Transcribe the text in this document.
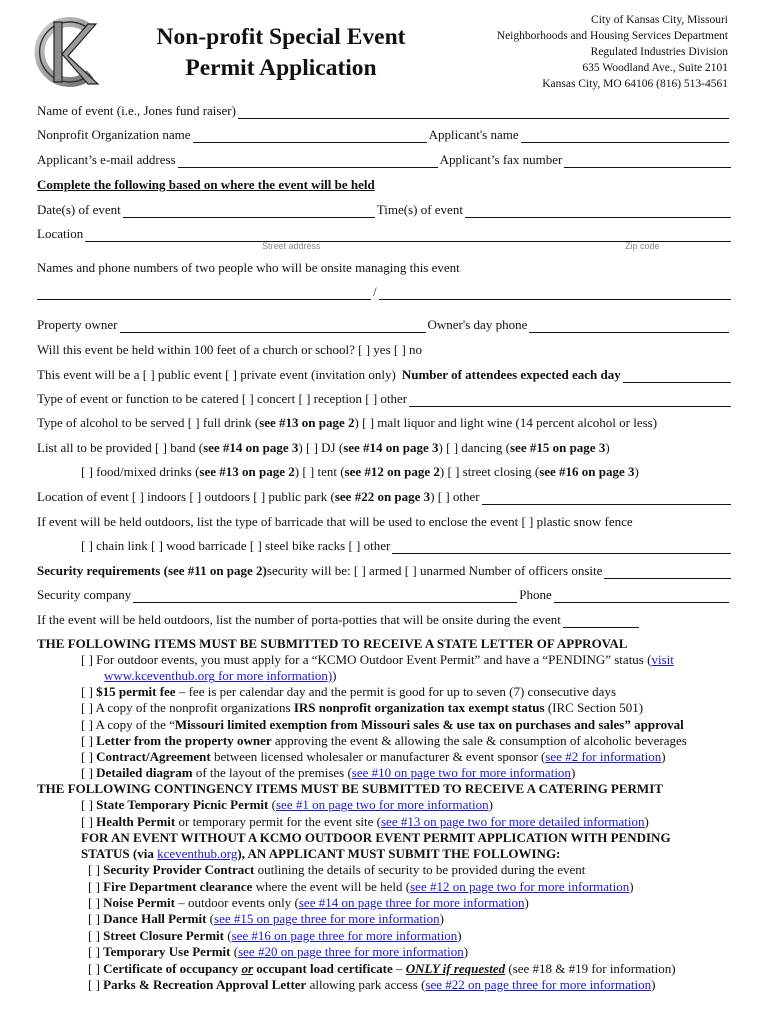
Non-profit Special Event
Permit Application
City of Kansas City, Missouri
Neighborhoods and Housing Services Department
Regulated Industries Division
635 Woodland Ave., Suite 2101
Kansas City, MO 64106 (816) 513-4561
Name of event (i.e., Jones fund raiser)
Nonprofit Organization name	Applicant's name
Applicant’s e-mail address	Applicant’s fax number
Complete the following based on where the event will be held
Date(s) of event	Time(s) of event
Location
Street address	Zip code
Names and phone numbers of two people who will be onsite managing this event
/
Property owner	Owner's day phone
Will this event be held within 100 feet of a church or school? [ ] yes [ ] no
This event will be a [ ] public event [ ] private event (invitation only) Number of attendees expected each day
Type of event or function to be catered [ ] concert [ ] reception [ ] other
Type of alcohol to be served [ ] full drink ( see #13 on page 2 ) [ ] malt liquor and light wine (14 percent alcohol or less)
List all to be provided [ ] band ( see #14 on page 3 ) [ ] DJ ( see #14 on page 3 ) [ ] dancing ( see #15 on page 3 )
[ ] food/mixed drinks ( see #13 on page 2 ) [ ] tent ( see #12 on page 2 ) [ ] street closing ( see #16 on page 3 )
Location of event [ ] indoors [ ] outdoors [ ] public park ( see #22 on page 3 ) [ ] other
If event will be held outdoors, list the type of barricade that will be used to enclose the event [ ] plastic snow fence
[ ] chain link [ ] wood barricade [ ] steel bike racks [ ] other
Security requirements (see #11 on page 2) security will be: [ ] armed [ ] unarmed Number of officers onsite
Security company	Phone
If the event will be held outdoors, list the number of porta-potties that will be onsite during the event
THE FOLLOWING ITEMS MUST BE SUBMITTED TO RECEIVE A STATE LETTER OF APPROVAL
[ ] For outdoor events, you must apply for a “KCMO Outdoor Event Permit” and have a “PENDING” status (visit
www.kceventhub.org for more information))
[ ] $15 permit fee – fee is per calendar day and the permit is good for up to seven (7) consecutive days
[ ] A copy of the nonprofit organizations IRS nonprofit organization tax exempt status (IRC Section 501)
[ ] A copy of the “Missouri limited exemption from Missouri sales & use tax on purchases and sales” approval
[ ] Letter from the property owner approving the event & allowing the sale & consumption of alcoholic beverages
[ ] Contract/Agreement between licensed wholesaler or manufacturer & event sponsor (see #2 for information)
[ ] Detailed diagram of the layout of the premises (see #10 on page two for more information)
THE FOLLOWING CONTINGENCY ITEMS MUST BE SUBMITTED TO RECEIVE A CATERING PERMIT
[ ] State Temporary Picnic Permit (see #1 on page two for more information)
[ ] Health Permit or temporary permit for the event site (see #13 on page two for more detailed information)
FOR AN EVENT WITHOUT A KCMO OUTDOOR EVENT PERMIT APPLICATION WITH PENDING
STATUS (via kceventhub.org), AN APPLICANT MUST SUBMIT THE FOLLOWING:
[ ] Security Provider Contract outlining the details of security to be provided during the event
[ ] Fire Department clearance where the event will be held (see #12 on page two for more information)
[ ] Noise Permit – outdoor events only (see #14 on page three for more information)
[ ] Dance Hall Permit (see #15 on page three for more information)
[ ] Street Closure Permit (see #16 on page three for more information)
[ ] Temporary Use Permit (see #20 on page three for more information)
[ ] Certificate of occupancy or occupant load certificate – ONLY if requested (see #18 & #19 for information)
[ ] Parks & Recreation Approval Letter allowing park access (see #22 on page three for more information)
